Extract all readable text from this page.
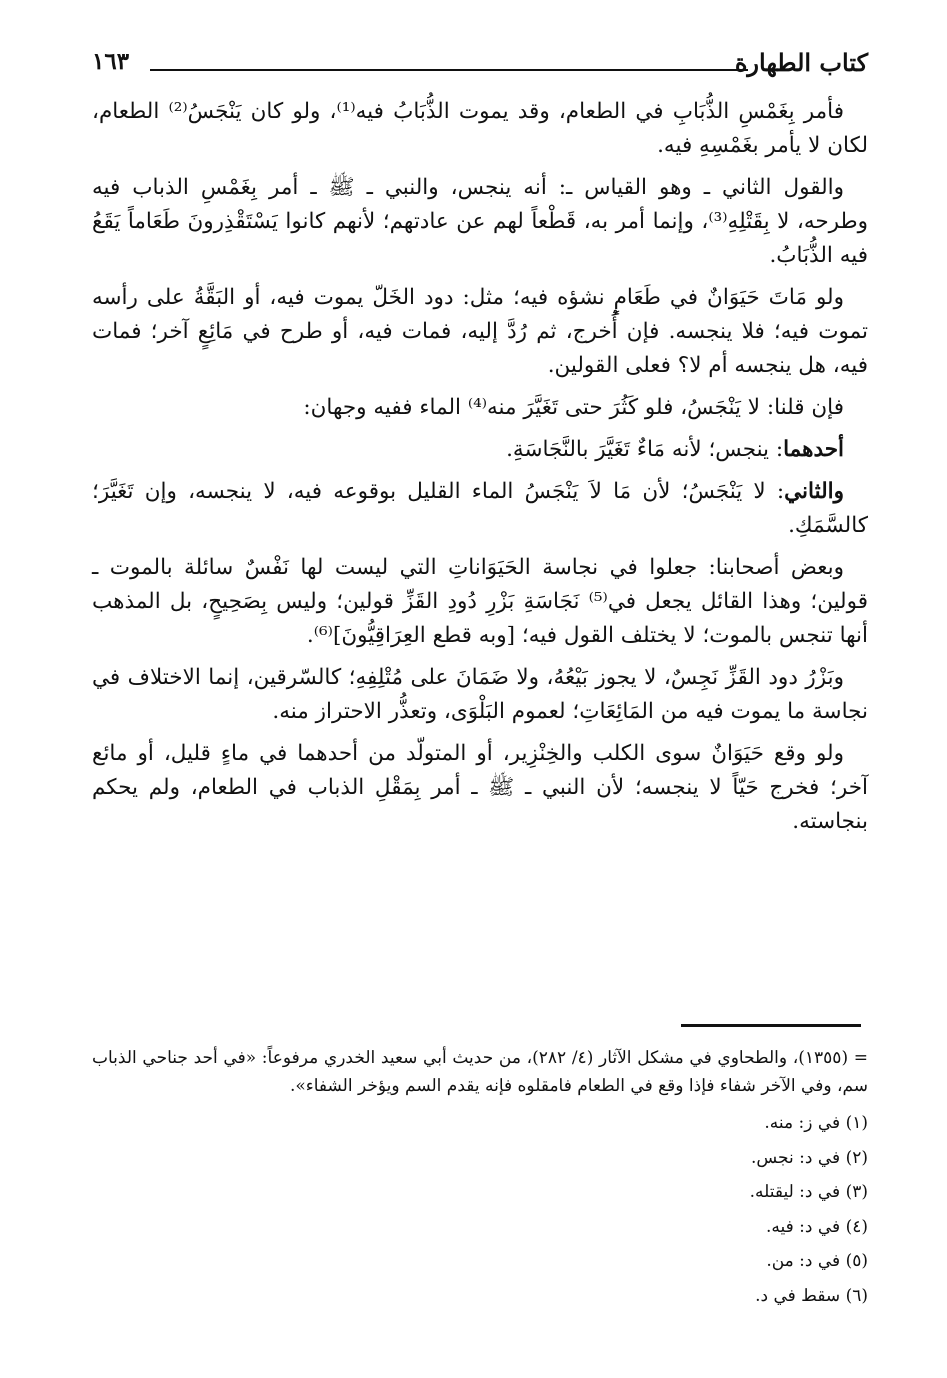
كتاب الطهارة
١٦٣

فأمر بِغَمْسِ الذُّبَابِ في الطعام، وقد يموت الذُّبَابُ فيه⁽¹⁾، ولو كان يَنْجَسُ⁽²⁾ الطعام، لكان لا يأمر بغَمْسِهِ فيه.

والقول الثاني ـ وهو القياس ـ: أنه ينجس، والنبي ـ ﷺ ـ أمر بِغَمْسِ الذباب فيه وطرحه، لا بِقَتْلِهِ⁽³⁾، وإنما أمر به، قَطْعاً لهم عن عادتهم؛ لأنهم كانوا يَسْتَقْذِرونَ طَعَاماً يَقَعُ فيه الذُّبَابُ.

ولو مَاتَ حَيَوَانٌ في طَعَامٍ نشؤه فيه؛ مثل: دود الخَلّ يموت فيه، أو البَقَّةُ على رأسه تموت فيه؛ فلا ينجسه. فإن أُخرج، ثم رُدَّ إليه، فمات فيه، أو طرح في مَائِعٍ آخر؛ فمات فيه، هل ينجسه أم لا؟ فعلى القولين.

فإن قلنا: لا يَنْجَسُ، فلو كَثُرَ حتى تَغَيَّرَ منه⁽⁴⁾ الماء ففيه وجهان:

أحدهما: ينجس؛ لأنه مَاءٌ تَغَيَّرَ بالنَّجَاسَةِ.

والثاني: لا يَنْجَسُ؛ لأن مَا لاَ يَنْجَسُ الماء القليل بوقوعه فيه، لا ينجسه، وإن تَغَيَّرَ؛ كالسَّمَكِ.

وبعض أصحابنا: جعلوا في نجاسة الحَيَوَاناتِ التي ليست لها نَفْسٌ سائلة بالموت ـ قولين؛ وهذا القائل يجعل في⁽⁵⁾ نَجَاسَةِ بَزْرِ دُودِ القَزِّ قولين؛ وليس بِصَحِيحٍ، بل المذهب أنها تنجس بالموت؛ لا يختلف القول فيه؛ [وبه قطع العِرَاقِيُّونَ]⁽⁶⁾.

وبَزْرُ دود القَزِّ نَجِسٌ، لا يجوز بَيْعُهُ، ولا ضَمَانَ على مُتْلِفِهِ؛ كالسّرقين، إنما الاختلاف في نجاسة ما يموت فيه من المَائِعَاتِ؛ لعموم البَلْوَى، وتعذُّر الاحتراز منه.

ولو وقع حَيَوَانٌ سوى الكلب والخِنْزِير، أو المتولّد من أحدهما في ماءٍ قليل، أو مائع آخر؛ فخرج حَيّاً لا ينجسه؛ لأن النبي ـ ﷺ ـ أمر بِمَقْلِ الذباب في الطعام، ولم يحكم بنجاسته.

= (١٣٥٥)، والطحاوي في مشكل الآثار (٤/ ٢٨٢)، من حديث أبي سعيد الخدري مرفوعاً: «في أحد جناحي الذباب سم، وفي الآخر شفاء فإذا وقع في الطعام فامقلوه فإنه يقدم السم ويؤخر الشفاء».

(١) في ز: منه.

(٢) في د: نجس.

(٣) في د: ليقتله.

(٤) في د: فيه.

(٥) في د: من.

(٦) سقط في د.
